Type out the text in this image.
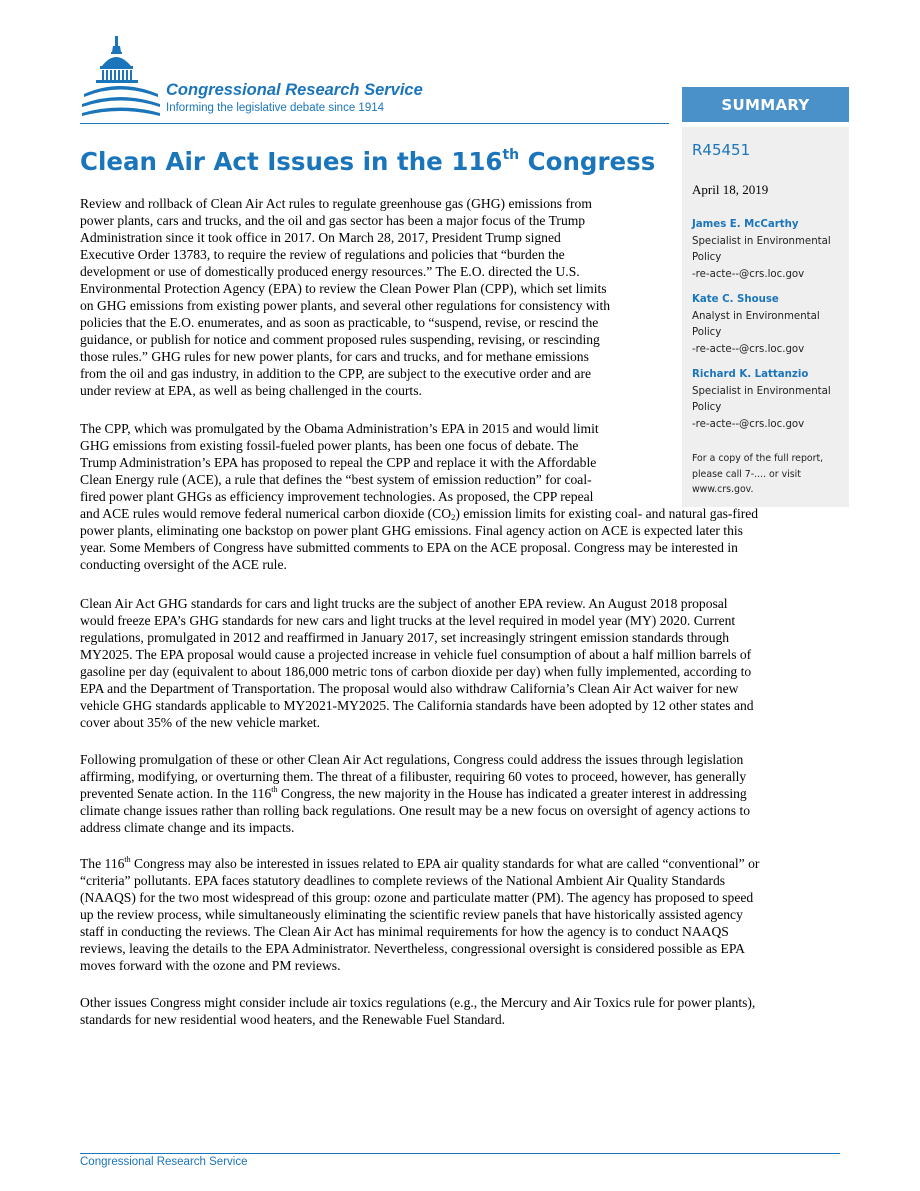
Congressional Research Service

Informing the legislative debate since 1914	SUMMARY

R45451

April 18, 2019

James E. McCarthy
Specialist in Environmental
Policy
-re-acte--@crs.loc.gov
Kate C. Shouse
Analyst in Environmental
Policy
-re-acte--@crs.loc.gov
Richard K. Lattanzio
Specialist in Environmental
Policy
-re-acte--@crs.loc.gov

For a copy of the full report,
please call 7-.... or visit
www.crs.gov.

Clean Air Act Issues in the 116th Congress

Review and rollback of Clean Air Act rules to regulate greenhouse gas (GHG) emissions from
power plants, cars and trucks, and the oil and gas sector has been a major focus of the Trump
Administration since it took office in 2017. On March 28, 2017, President Trump signed
Executive Order 13783, to require the review of regulations and policies that “burden the
development or use of domestically produced energy resources.” The E.O. directed the U.S.
Environmental Protection Agency (EPA) to review the Clean Power Plan (CPP), which set limits
on GHG emissions from existing power plants, and several other regulations for consistency with
policies that the E.O. enumerates, and as soon as practicable, to “suspend, revise, or rescind the
guidance, or publish for notice and comment proposed rules suspending, revising, or rescinding
those rules.” GHG rules for new power plants, for cars and trucks, and for methane emissions
from the oil and gas industry, in addition to the CPP, are subject to the executive order and are
under review at EPA, as well as being challenged in the courts.

The CPP, which was promulgated by the Obama Administration’s EPA in 2015 and would limit
GHG emissions from existing fossil-fueled power plants, has been one focus of debate. The
Trump Administration’s EPA has proposed to repeal the CPP and replace it with the Affordable
Clean Energy rule (ACE), a rule that defines the “best system of emission reduction” for coal-
fired power plant GHGs as efficiency improvement technologies. As proposed, the CPP repeal
and ACE rules would remove federal numerical carbon dioxide $(CO_2)$ emission limits for existing coal- and natural gas-fired
power plants, eliminating one backstop on power plant GHG emissions. Final agency action on ACE is expected later this
year. Some Members of Congress have submitted comments to EPA on the ACE proposal. Congress may be interested in
conducting oversight of the ACE rule.

Clean Air Act GHG standards for cars and light trucks are the subject of another EPA review. An August 2018 proposal
would freeze EPA’s GHG standards for new cars and light trucks at the level required in model year (MY) 2020. Current
regulations, promulgated in 2012 and reaffirmed in January 2017, set increasingly stringent emission standards through
MY2025. The EPA proposal would cause a projected increase in vehicle fuel consumption of about a half million barrels of
gasoline per day (equivalent to about 186,000 metric tons of carbon dioxide per day) when fully implemented, according to
EPA and the Department of Transportation. The proposal would also withdraw California’s Clean Air Act waiver for new
vehicle GHG standards applicable to MY2021-MY2025. The California standards have been adopted by 12 other states and
cover about 35% of the new vehicle market.

Following promulgation of these or other Clean Air Act regulations, Congress could address the issues through legislation
affirming, modifying, or overturning them. The threat of a filibuster, requiring 60 votes to proceed, however, has generally
prevented Senate action. In the 116th Congress, the new majority in the House has indicated a greater interest in addressing
climate change issues rather than rolling back regulations. One result may be a new focus on oversight of agency actions to
address climate change and its impacts.

The 116th Congress may also be interested in issues related to EPA air quality standards for what are called “conventional” or
“criteria” pollutants. EPA faces statutory deadlines to complete reviews of the National Ambient Air Quality Standards
(NAAQS) for the two most widespread of this group: ozone and particulate matter (PM). The agency has proposed to speed
up the review process, while simultaneously eliminating the scientific review panels that have historically assisted agency
staff in conducting the reviews. The Clean Air Act has minimal requirements for how the agency is to conduct NAAQS
reviews, leaving the details to the EPA Administrator. Nevertheless, congressional oversight is considered possible as EPA
moves forward with the ozone and PM reviews.

Other issues Congress might consider include air toxics regulations (e.g., the Mercury and Air Toxics rule for power plants),
standards for new residential wood heaters, and the Renewable Fuel Standard.

Congressional Research Service
